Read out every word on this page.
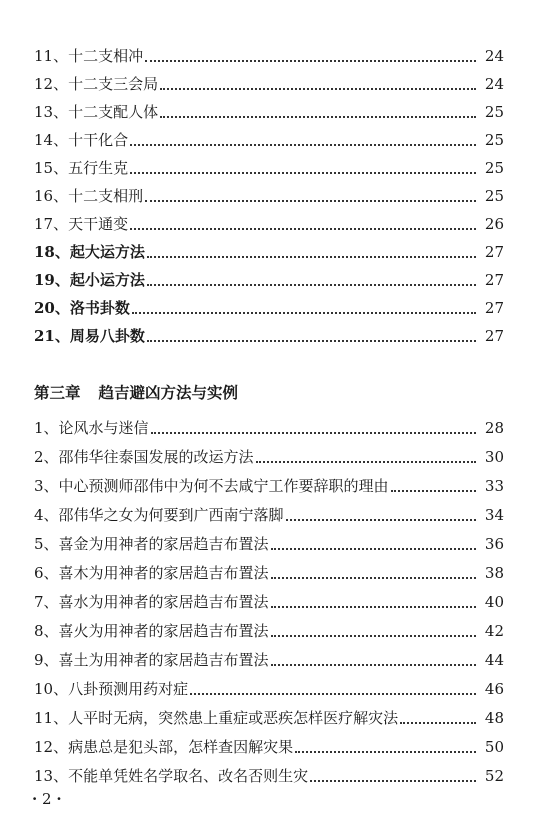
11、十二支相冲	24
12、十二支三会局	24
13、十二支配人体	25
14、十干化合	25
15、五行生克	25
16、十二支相刑	25
17、天干通变	26
18、起大运方法	27
19、起小运方法	27
20、洛书卦数	27
21、周易八卦数	27
第三章 趋吉避凶方法与实例
1、论风水与迷信	28
2、邵伟华往泰国发展的改运方法	30
3、中心预测师邵伟中为何不去咸宁工作要辞职的理由	33
4、邵伟华之女为何要到广西南宁落脚	34
5、喜金为用神者的家居趋吉布置法	36
6、喜木为用神者的家居趋吉布置法	38
7、喜水为用神者的家居趋吉布置法	40
8、喜火为用神者的家居趋吉布置法	42
9、喜土为用神者的家居趋吉布置法	44
10、八卦预测用药对症	46
11、人平时无病，突然患上重症或恶疾怎样医疗解灾法	48
12、病患总是犯头部，怎样查因解灾果	50
13、不能单凭姓名学取名、改名否则生灾	52
· 2 ·
